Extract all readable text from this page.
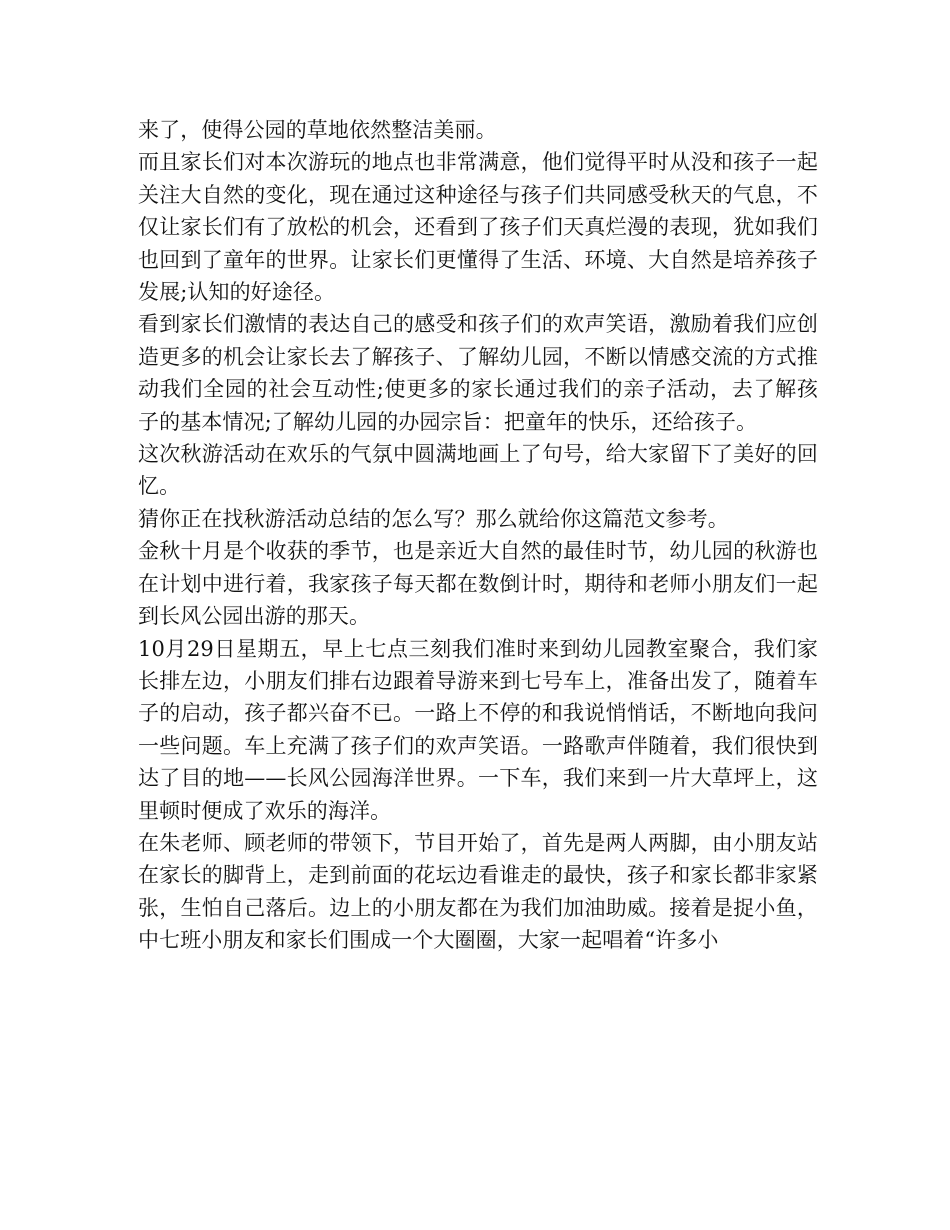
来了，使得公园的草地依然整洁美丽。

而且家长们对本次游玩的地点也非常满意，他们觉得平时从没和孩子一起关注大自然的变化，现在通过这种途径与孩子们共同感受秋天的气息，不仅让家长们有了放松的机会，还看到了孩子们天真烂漫的表现，犹如我们也回到了童年的世界。让家长们更懂得了生活、环境、大自然是培养孩子发展;认知的好途径。

看到家长们激情的表达自己的感受和孩子们的欢声笑语，激励着我们应创造更多的机会让家长去了解孩子、了解幼儿园，不断以情感交流的方式推动我们全园的社会互动性;使更多的家长通过我们的亲子活动，去了解孩子的基本情况;了解幼儿园的办园宗旨：把童年的快乐，还给孩子。

这次秋游活动在欢乐的气氛中圆满地画上了句号，给大家留下了美好的回忆。

猜你正在找秋游活动总结的怎么写？那么就给你这篇范文参考。

金秋十月是个收获的季节，也是亲近大自然的最佳时节，幼儿园的秋游也在计划中进行着，我家孩子每天都在数倒计时，期待和老师小朋友们一起到长风公园出游的那天。

10月29日星期五，早上七点三刻我们准时来到幼儿园教室聚合，我们家长排左边，小朋友们排右边跟着导游来到七号车上，准备出发了，随着车子的启动，孩子都兴奋不已。一路上不停的和我说悄悄话，不断地向我问一些问题。车上充满了孩子们的欢声笑语。一路歌声伴随着，我们很快到达了目的地——长风公园海洋世界。一下车，我们来到一片大草坪上，这里顿时便成了欢乐的海洋。

在朱老师、顾老师的带领下，节目开始了，首先是两人两脚，由小朋友站在家长的脚背上，走到前面的花坛边看谁走的最快，孩子和家长都非家紧张，生怕自己落后。边上的小朋友都在为我们加油助威。接着是捉小鱼，中七班小朋友和家长们围成一个大圈圈，大家一起唱着“许多小
